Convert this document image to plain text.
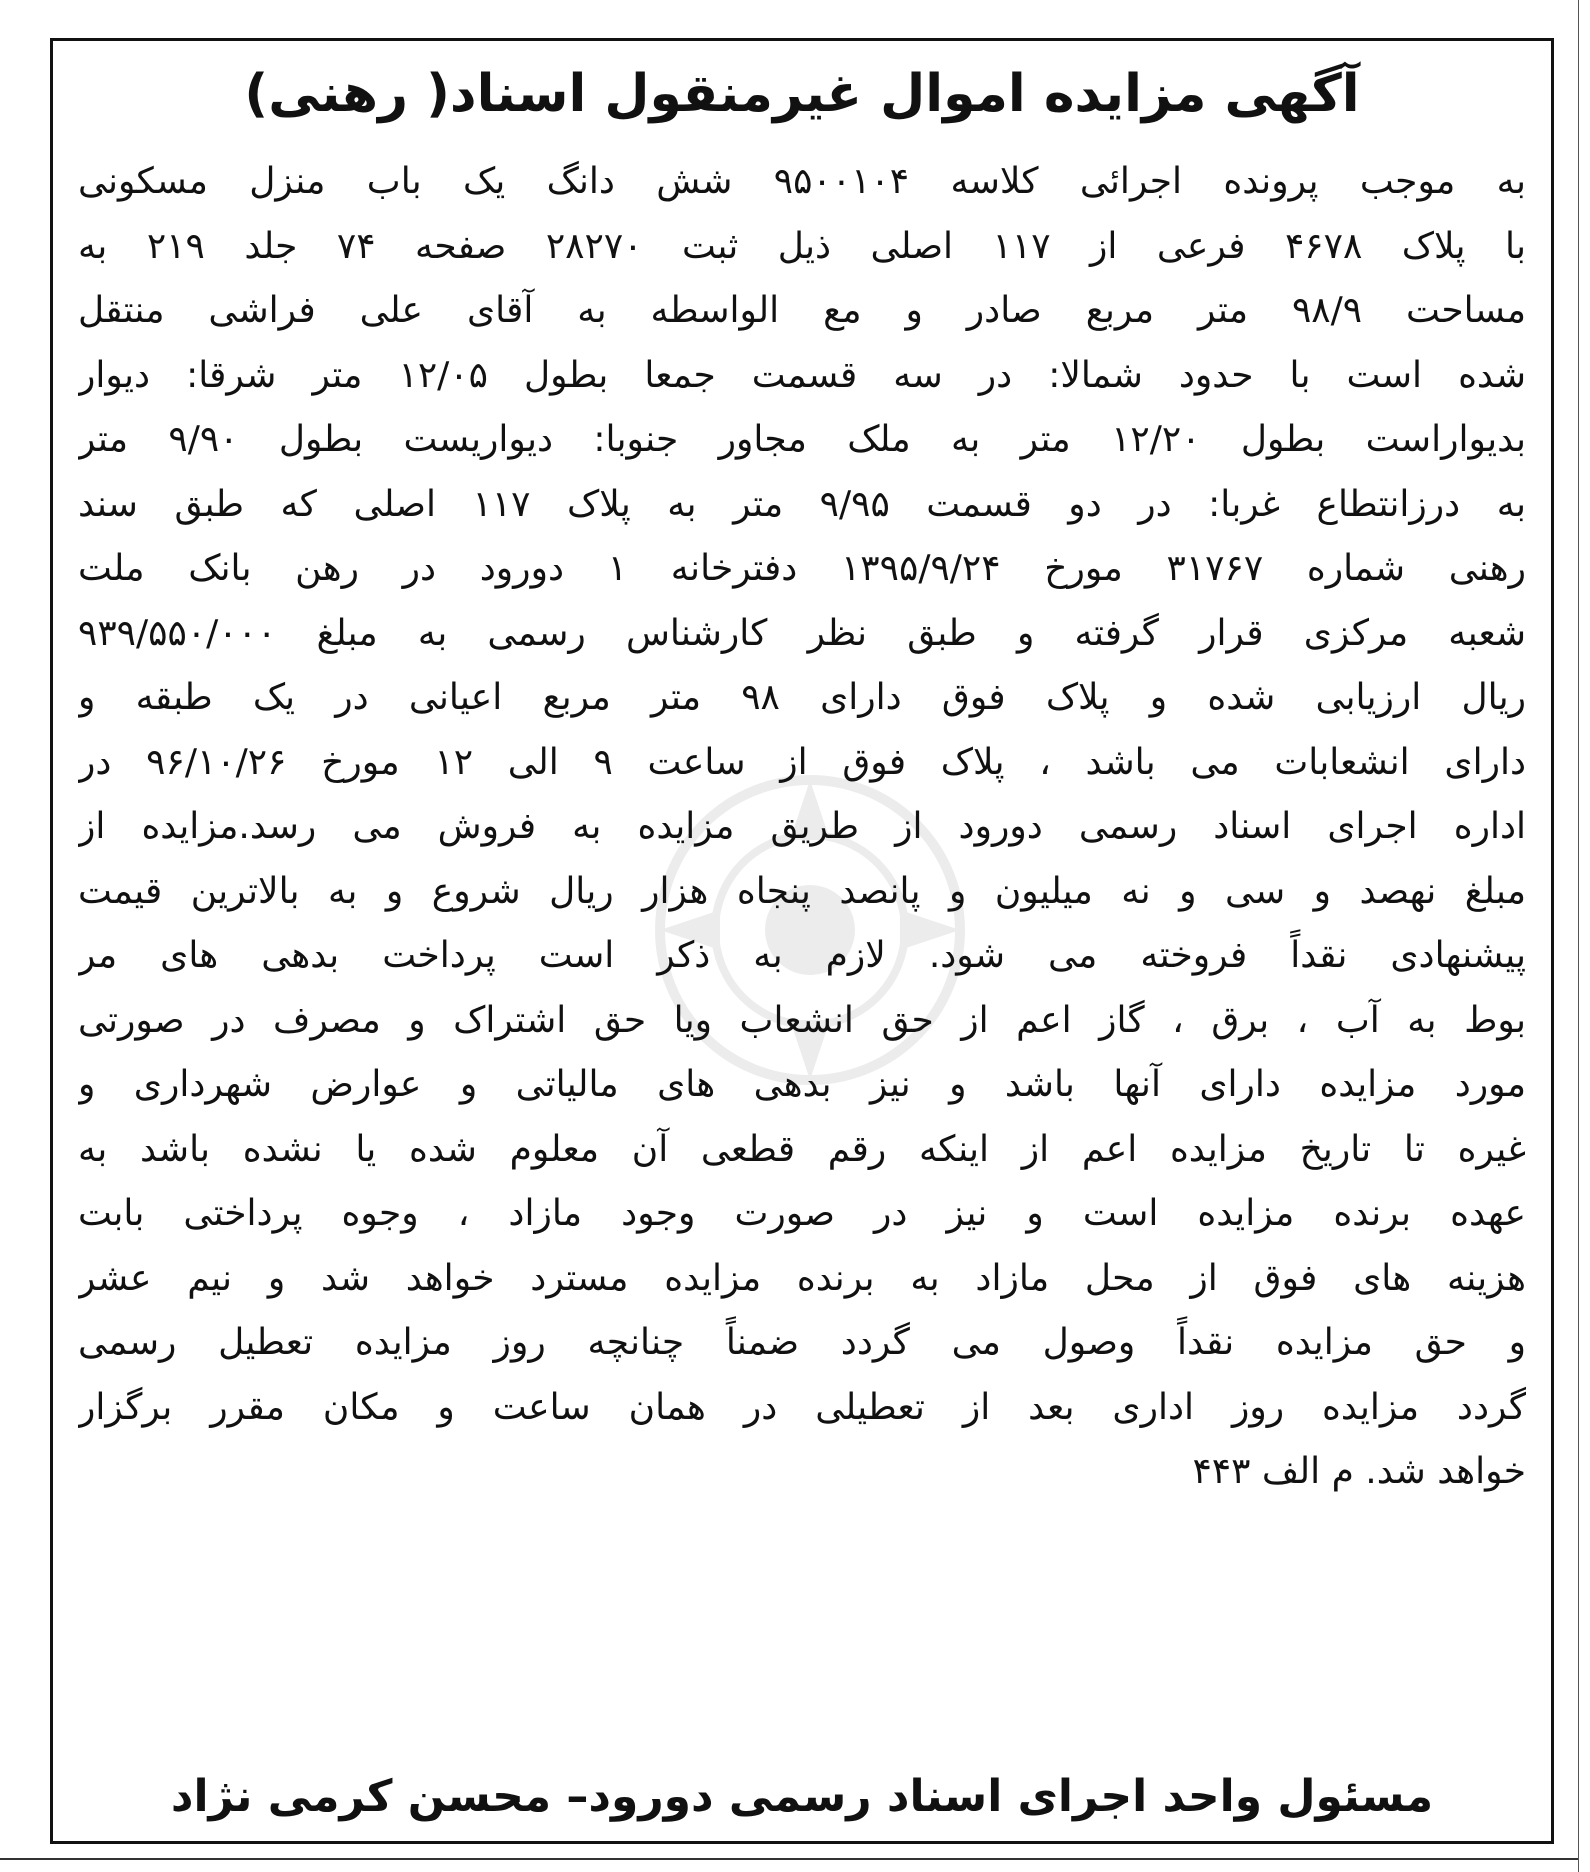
آگهی مزایده اموال غیرمنقول اسناد( رهنی)
به موجب پرونده اجرائی کلاسه ۹۵۰۰۱۰۴ شش دانگ یک باب منزل مسکونی
با پلاک ۴۶۷۸ فرعی از ۱۱۷ اصلی ذیل ثبت ۲۸۲۷۰ صفحه ۷۴ جلد ۲۱۹ به
مساحت ۹۸/۹ متر مربع صادر و مع الواسطه به آقای علی فراشی منتقل
شده است با حدود شمالا: در سه قسمت جمعا بطول ۱۲/۰۵ متر شرقا: دیوار
بدیواراست بطول ۱۲/۲۰ متر به ملک مجاور جنوبا: دیواریست بطول ۹/۹۰ متر
به درزانتطاع غربا: در دو قسمت ۹/۹۵ متر به پلاک ۱۱۷ اصلی که طبق سند
رهنی شماره ۳۱۷۶۷ مورخ ۱۳۹۵/۹/۲۴ دفترخانه ۱ دورود در رهن بانک ملت
شعبه مرکزی قرار گرفته و طبق نظر کارشناس رسمی به مبلغ ۹۳۹/۵۵۰/۰۰۰
ریال ارزیابی شده و پلاک فوق دارای ۹۸ متر مربع اعیانی در یک طبقه و
دارای انشعابات می باشد ، پلاک فوق از ساعت ۹ الی ۱۲ مورخ ۹۶/۱۰/۲۶ در
اداره اجرای اسناد رسمی دورود از طریق مزایده به فروش می رسد.مزایده از
مبلغ نهصد و سی و نه میلیون و پانصد پنجاه هزار ریال شروع و به بالاترین قیمت
پیشنهادی نقداً فروخته می شود. لازم به ذکر است پرداخت بدهی های مر
بوط به آب ، برق ، گاز اعم از حق انشعاب ویا حق اشتراک و مصرف در صورتی
مورد مزایده دارای آنها باشد و نیز بدهی های مالیاتی و عوارض شهرداری و
غیره تا تاریخ مزایده اعم از اینکه رقم قطعی آن معلوم شده یا نشده باشد به
عهده برنده مزایده است و نیز در صورت وجود مازاد ، وجوه پرداختی بابت
هزینه های فوق از محل مازاد به برنده مزایده مسترد خواهد شد و نیم عشر
و حق مزایده نقداً وصول می گردد ضمناً چنانچه روز مزایده تعطیل رسمی
گردد مزایده روز اداری بعد از تعطیلی در همان ساعت و مکان مقرر برگزار
خواهد شد. م الف ۴۴۳
مسئول واحد اجرای اسناد رسمی دورود– محسن کرمی نژاد
